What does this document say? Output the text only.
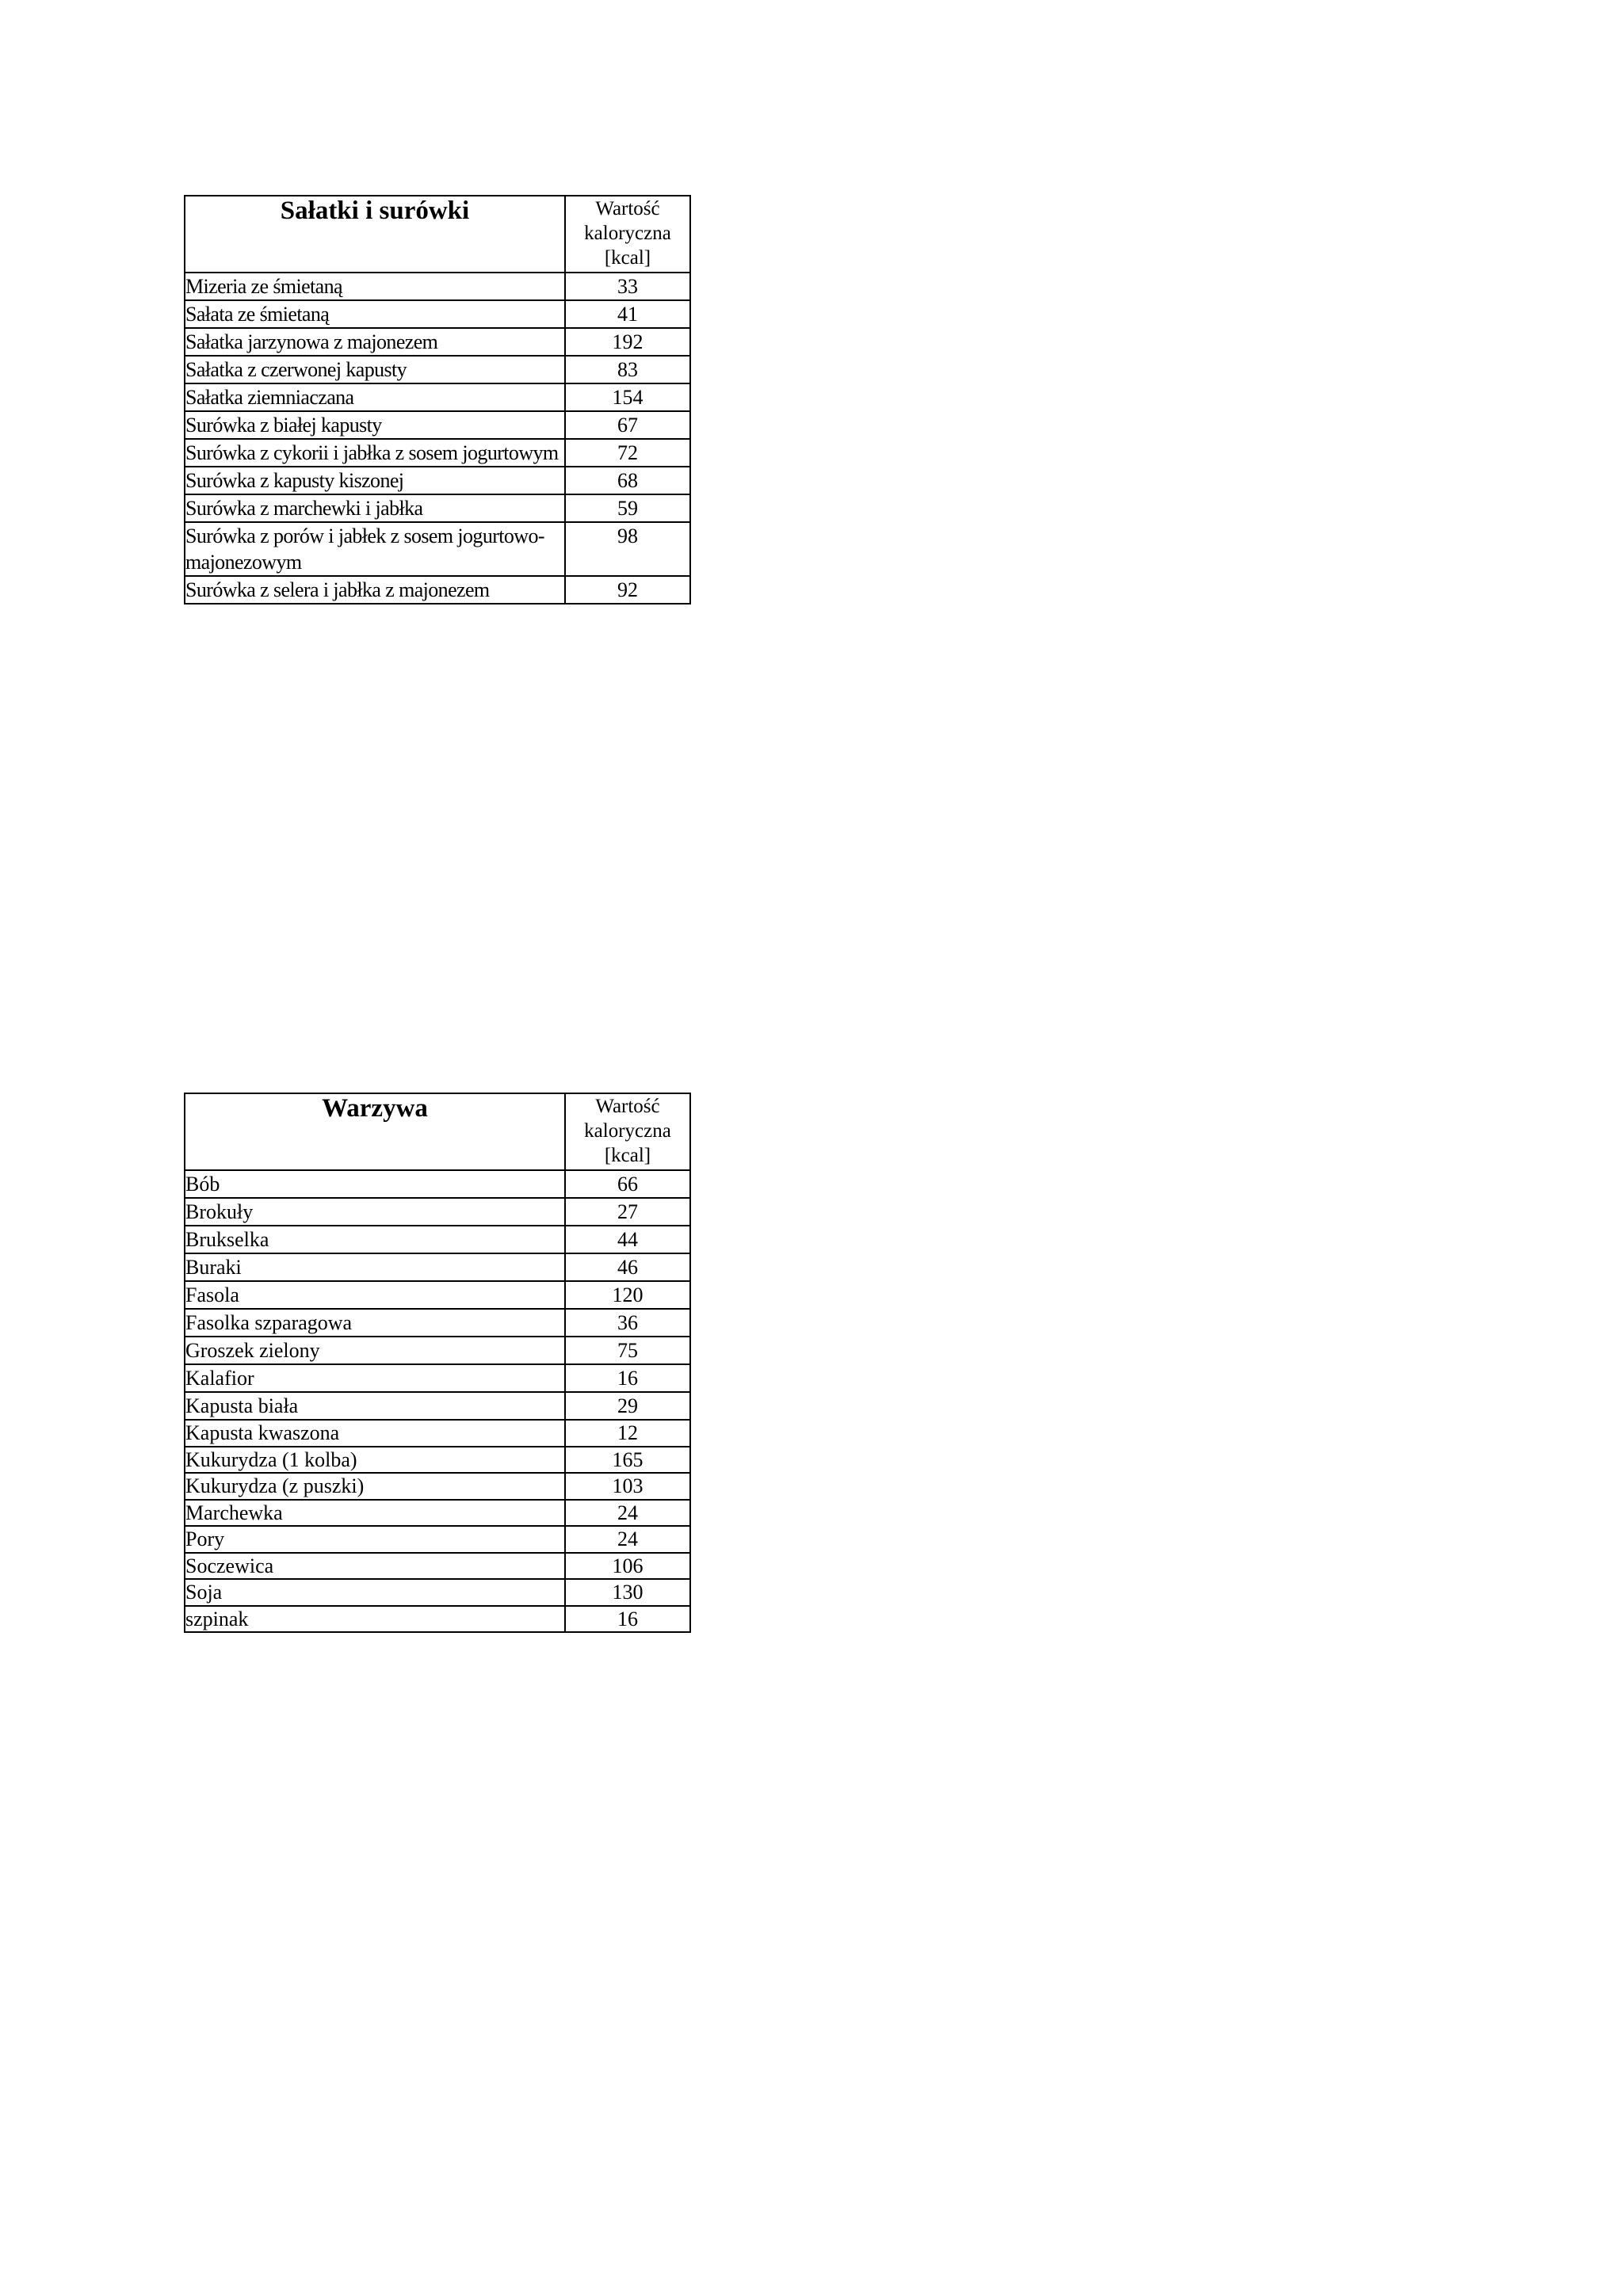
Sałatki i surówki	Wartość
kaloryczna
[kcal]

Mizeria ze śmietaną	33

Sałata ze śmietaną	41

Sałatka jarzynowa z majonezem	192

Sałatka z czerwonej kapusty	83

Sałatka ziemniaczana	154

Surówka z białej kapusty	67

Surówka z cykorii i jabłka z sosem jogurtowym	72

Surówka z kapusty kiszonej	68

Surówka z marchewki i jabłka	59

Surówka z porów i jabłek z sosem jogurtowo-majonezowym	98

Surówka z selera i jabłka z majonezem	92
Warzywa	Wartość
kaloryczna
[kcal]

Bób	66
Brokuły	27
Brukselka	44
Buraki	46
Fasola	120
Fasolka szparagowa	36
Groszek zielony	75
Kalafior	16
Kapusta biała	29
Kapusta kwaszona	12
Kukurydza (1 kolba)	165
Kukurydza (z puszki)	103
Marchewka	24
Pory	24
Soczewica	106
Soja	130
szpinak	16
